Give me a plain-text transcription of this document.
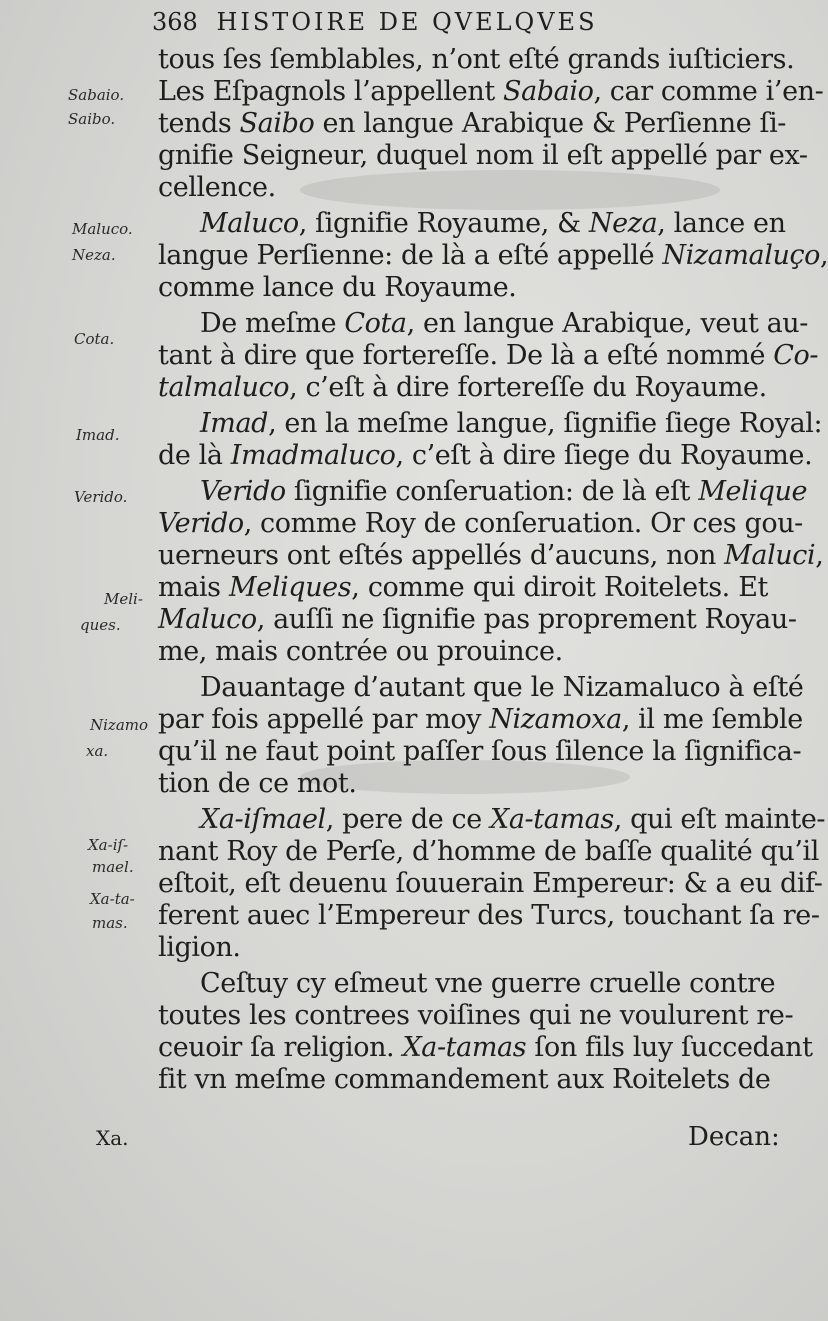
368 HISTOIRE DE QVELQVES
tous ſes ſemblables, n’ont eſté grands iuſticiers.
Les Eſpagnols l’appellent Sabaio, car comme i’en-
tends Saibo en langue Arabique & Perſienne ſi-
gnifie Seigneur, duquel nom il eſt appellé par ex-
cellence.
Maluco, ſignifie Royaume, & Neza, lance en
langue Perſienne: de là a eſté appellé Nizamaluço,
comme lance du Royaume.
De meſme Cota, en langue Arabique, veut au-
tant à dire que fortereſſe. De là a eſté nommé Co-
talmaluco, c’eſt à dire fortereſſe du Royaume.
Imad, en la meſme langue, ſignifie ſiege Royal:
de là Imadmaluco, c’eſt à dire ſiege du Royaume.
Verido ſignifie conſeruation: de là eſt Melique
Verido, comme Roy de conſeruation. Or ces gou-
uerneurs ont eſtés appellés d’aucuns, non Maluci,
mais Meliques, comme qui diroit Roitelets. Et
Maluco, auſſi ne ſignifie pas proprement Royau-
me, mais contrée ou prouince.
Dauantage d’autant que le Nizamaluco à eſté
par fois appellé par moy Nizamoxa, il me ſemble
qu’il ne faut point paſſer ſous ſilence la ſignifica-
tion de ce mot.
Xa-iſmael, pere de ce Xa-tamas, qui eſt mainte-
nant Roy de Perſe, d’homme de baſſe qualité qu’il
eſtoit, eſt deuenu ſouuerain Empereur: & a eu dif-
ferent auec l’Empereur des Turcs, touchant ſa re-
ligion.
Ceſtuy cy eſmeut vne guerre cruelle contre
toutes les contrees voiſines qui ne voulurent re-
ceuoir ſa religion. Xa-tamas ſon fils luy ſuccedant
fit vn meſme commandement aux Roitelets de
Sabaio.
Saibo.
Maluco.
Neza.
Cota.
Imad.
Verido.
Meli-
ques.
Nizamo
xa.
Xa-iſ-
mael.
Xa-ta-
mas.
Xa.	Decan:
